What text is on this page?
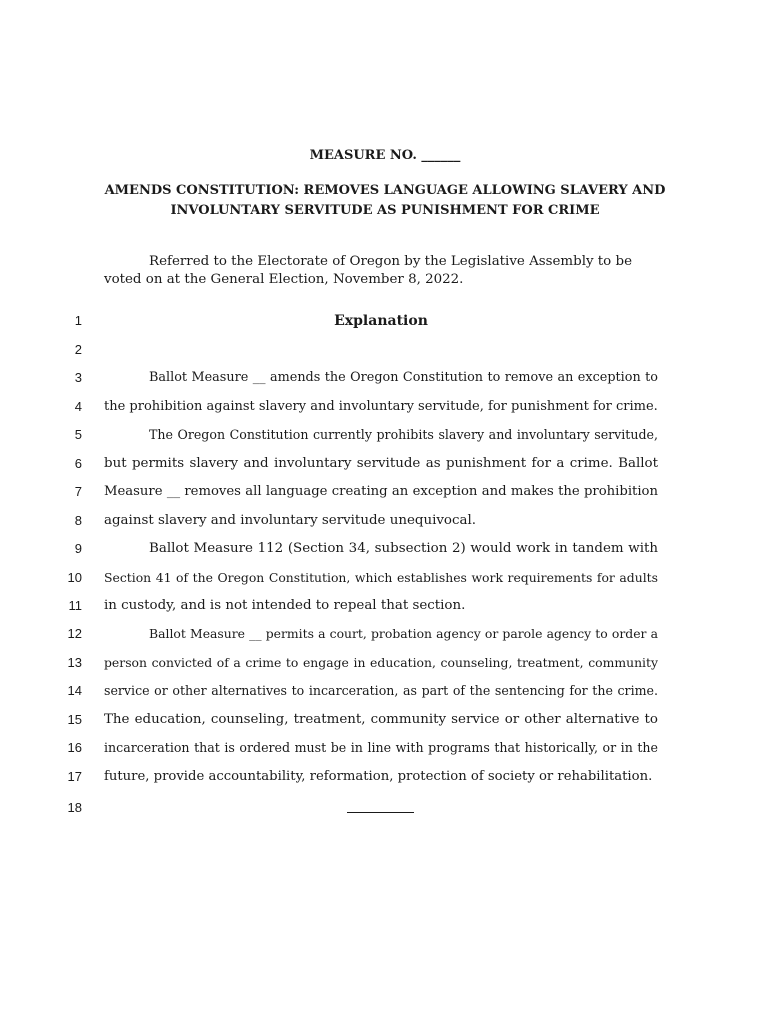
MEASURE NO. ______
AMENDS CONSTITUTION: REMOVES LANGUAGE ALLOWING SLAVERY AND
INVOLUNTARY SERVITUDE AS PUNISHMENT FOR CRIME
Referred to the Electorate of Oregon by the Legislative Assembly to be voted on at the General Election, November 8, 2022.
1
2
3
4
5
6
7
8
9
10
11
12
13
14
15
16
17
18
Explanation
Ballot Measure __ amends the Oregon Constitution to remove an exception to
the prohibition against slavery and involuntary servitude, for punishment for crime.
The Oregon Constitution currently prohibits slavery and involuntary servitude,
but permits slavery and involuntary servitude as punishment for a crime. Ballot
Measure __ removes all language creating an exception and makes the prohibition
against slavery and involuntary servitude unequivocal.
Ballot Measure 112 (Section 34, subsection 2) would work in tandem with
Section 41 of the Oregon Constitution, which establishes work requirements for adults
in custody, and is not intended to repeal that section.
Ballot Measure __ permits a court, probation agency or parole agency to order a
person convicted of a crime to engage in education, counseling, treatment, community
service or other alternatives to incarceration, as part of the sentencing for the crime.
The education, counseling, treatment, community service or other alternative to
incarceration that is ordered must be in line with programs that historically, or in the
future, provide accountability, reformation, protection of society or rehabilitation.
